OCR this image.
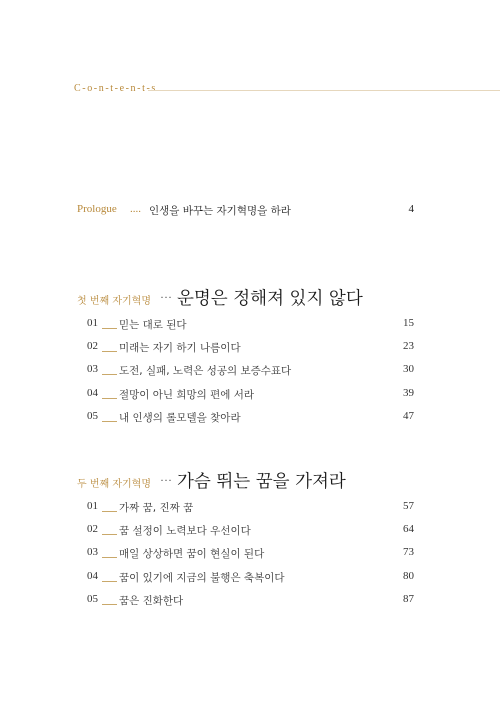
C-o-n-t-e-n-t-s
Prologue .... 인생을 바꾸는 자기혁명을 하라	4
첫 번째 자기혁명 ··· 운명은 정해져 있지 않다
01 믿는 대로 된다	15
02 미래는 자기 하기 나름이다	23
03 도전, 실패, 노력은 성공의 보증수표다	30
04 절망이 아닌 희망의 편에 서라	39
05 내 인생의 롤모델을 찾아라	47
두 번째 자기혁명 ··· 가슴 뛰는 꿈을 가져라
01 가짜 꿈, 진짜 꿈	57
02 꿈 설정이 노력보다 우선이다	64
03 매일 상상하면 꿈이 현실이 된다	73
04 꿈이 있기에 지금의 불행은 축복이다	80
05 꿈은 진화한다	87
